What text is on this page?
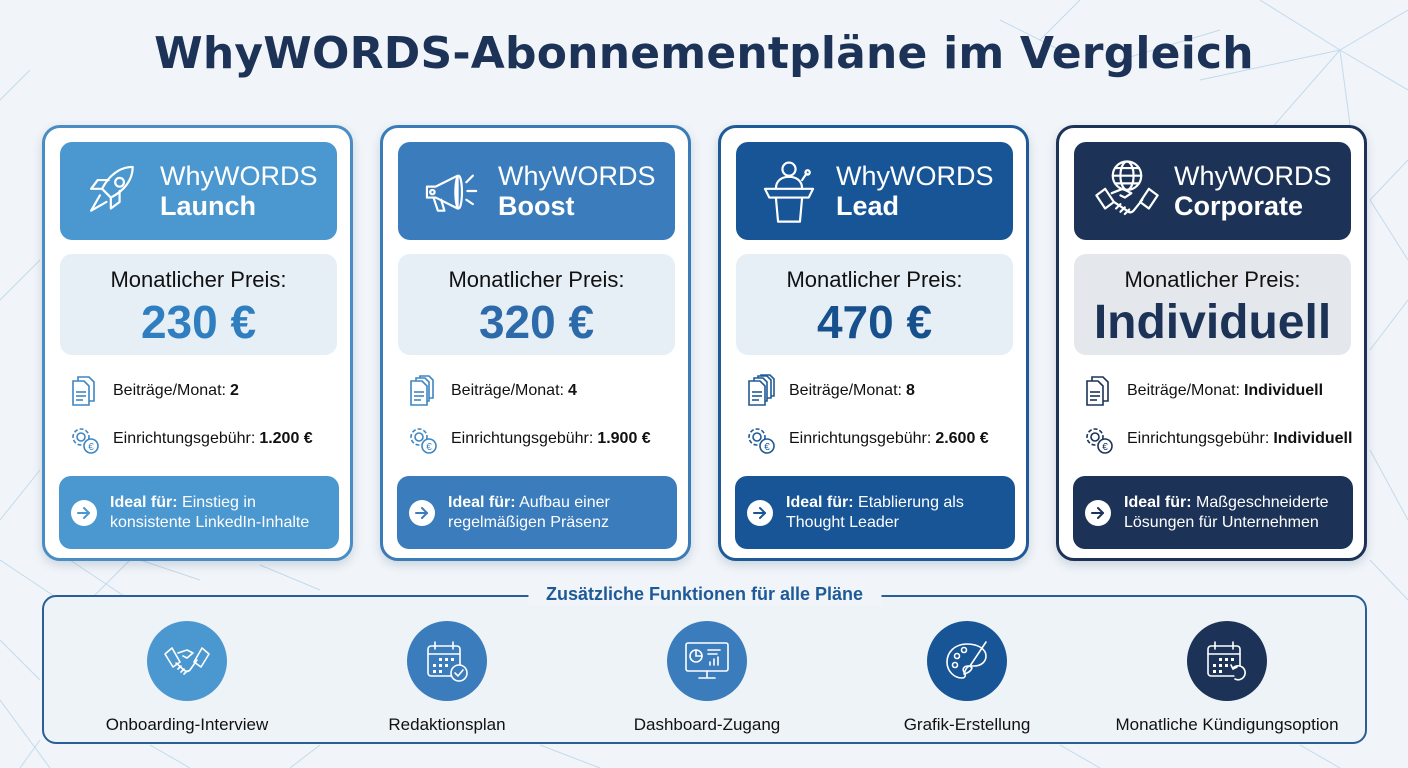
WhyWORDS-Abonnementpläne im Vergleich
WhyWORDS
Launch
Monatlicher Preis:
230 €
Beiträge/Monat: 2
€
Einrichtungsgebühr: 1.200 €
Ideal für: Einstieg in
konsistente LinkedIn-Inhalte
WhyWORDS
Boost
Monatlicher Preis:
320 €
Beiträge/Monat: 4
€
Einrichtungsgebühr: 1.900 €
Ideal für: Aufbau einer
regelmäßigen Präsenz
WhyWORDS
Lead
Monatlicher Preis:
470 €
Beiträge/Monat: 8
€
Einrichtungsgebühr: 2.600 €
Ideal für: Etablierung als
Thought Leader
WhyWORDS
Corporate
Monatlicher Preis:
Individuell
Beiträge/Monat: Individuell
€
Einrichtungsgebühr: Individuell
Ideal für: Maßgeschneiderte
Lösungen für Unternehmen
Zusätzliche Funktionen für alle Pläne
Onboarding-Interview	Redaktionsplan	Dashboard-Zugang	Grafik-Erstellung	Monatliche Kündigungsoption
